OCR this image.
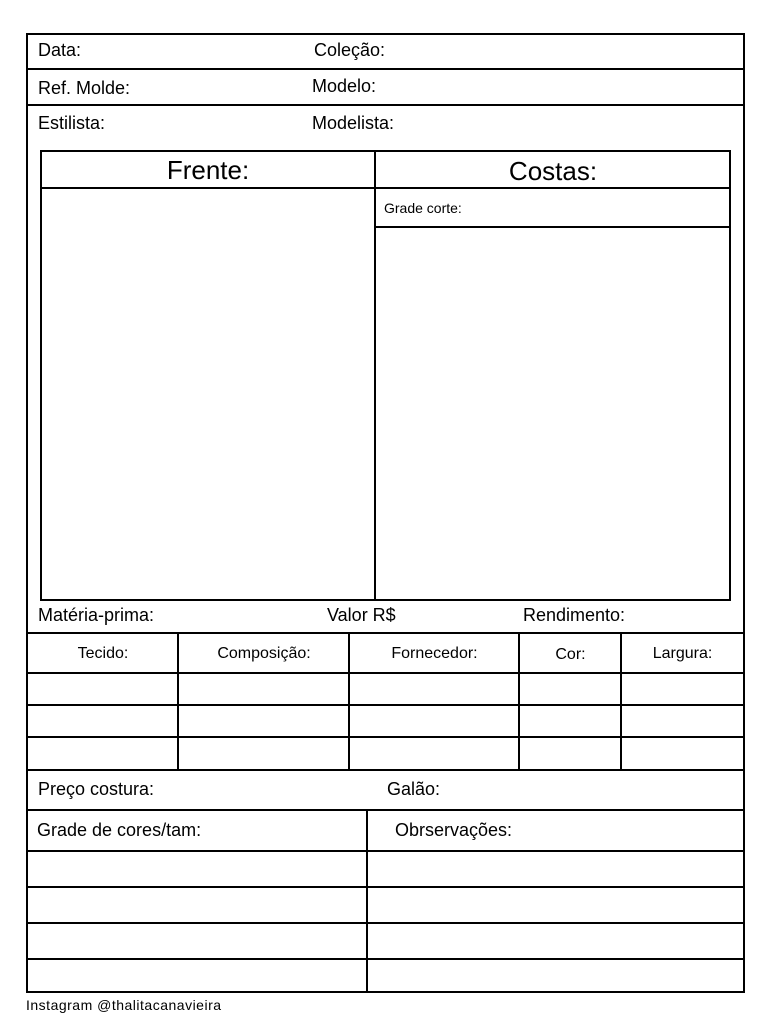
Data:	Coleção:
Ref. Molde:	Modelo:
Estilista:	Modelista:
Frente:	Costas:
Grade corte:
Matéria-prima:	Valor R$	Rendimento:
Tecido:	Composição:	Fornecedor:	Cor:	Largura:
Preço costura:	Galão:
Grade de cores/tam:	Obrservações:
Instagram @thalitacanavieira
